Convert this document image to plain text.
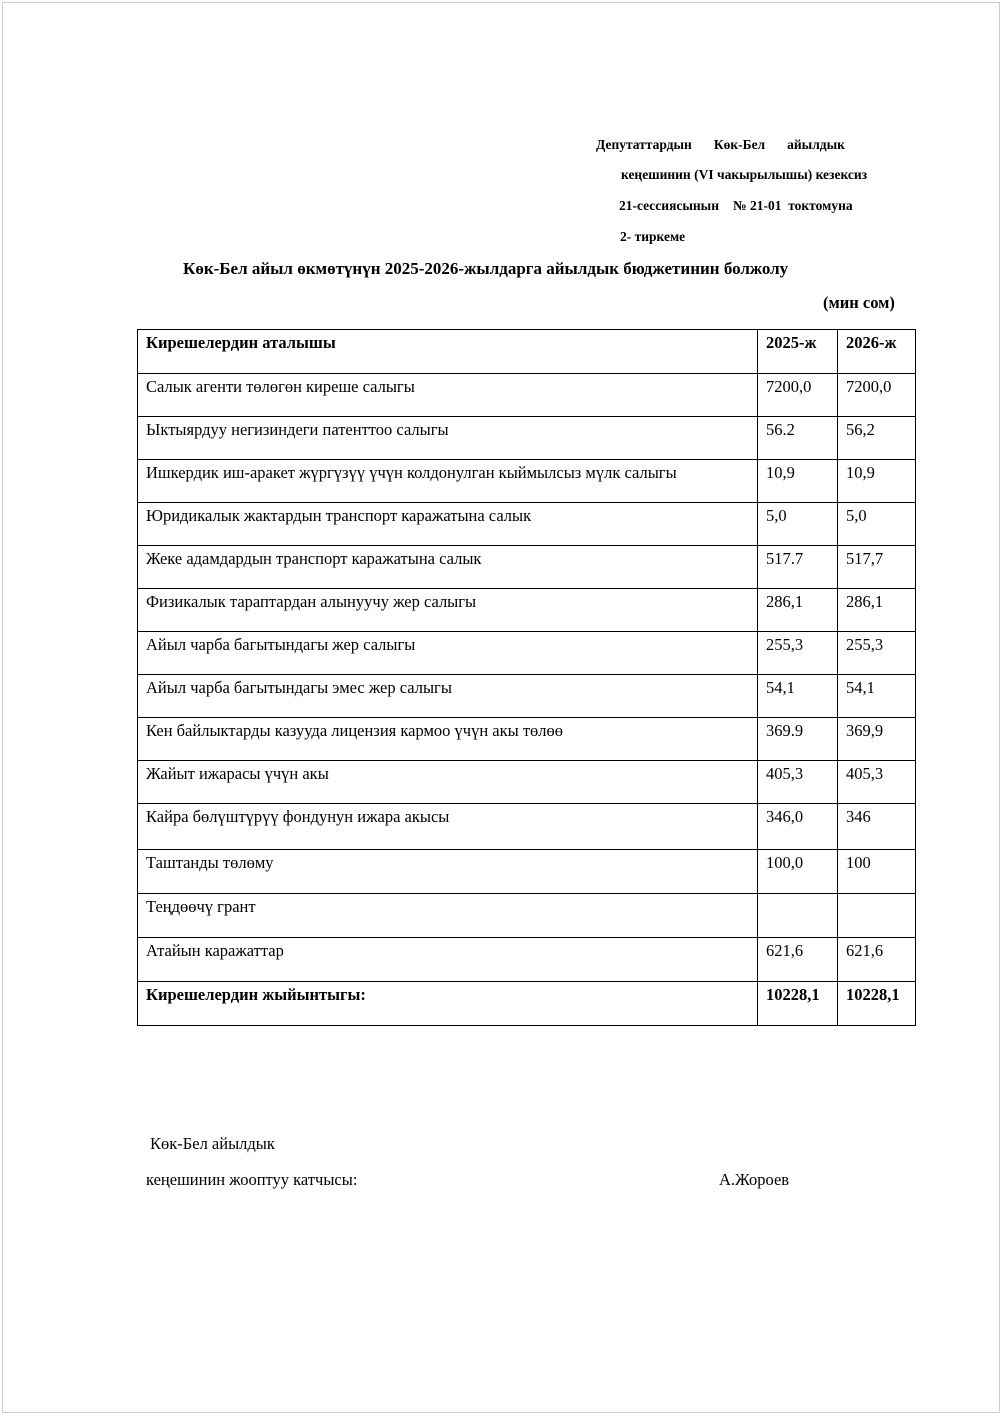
Депутаттардын Көк-Бел айылдык
кеңешинин (VI чакырылышы) кезексиз
21-сессиясынын № 21-01  токтомуна
2- тиркеме
Көк-Бел айыл өкмөтүнүн 2025-2026-жылдарга айылдык бюджетинин болжолу
(мин сом)
Кирешелердин аталышы	2025-ж	2026-ж
Салык агенти төлөгөн киреше салыгы	7200,0	7200,0
Ыктыярдуу негизиндеги патенттоо салыгы	56.2	56,2
Ишкердик иш-аракет жүргүзүү үчүн колдонулган кыймылсыз мүлк салыгы	10,9	10,9
Юридикалык жактардын транспорт каражатына салык	5,0	5,0
Жеке адамдардын транспорт каражатына салык	517.7	517,7
Физикалык тараптардан алынуучу жер салыгы	286,1	286,1
Айыл чарба багытындагы жер салыгы	255,3	255,3
Айыл чарба багытындагы эмес жер салыгы	54,1	54,1
Кен байлыктарды казууда лицензия кармоо үчүн акы төлөө	369.9	369,9
Жайыт ижарасы үчүн акы	405,3	405,3
Кайра бөлүштүрүү фондунун ижара акысы	346,0	346
Таштанды төлөму	100,0	100
Теңдөөчү грант		
Атайын каражаттар	621,6	621,6
Кирешелердин жыйынтыгы:	10228,1	10228,1
Көк-Бел айылдык
кеңешинин жооптуу катчысы:	А.Жороев
